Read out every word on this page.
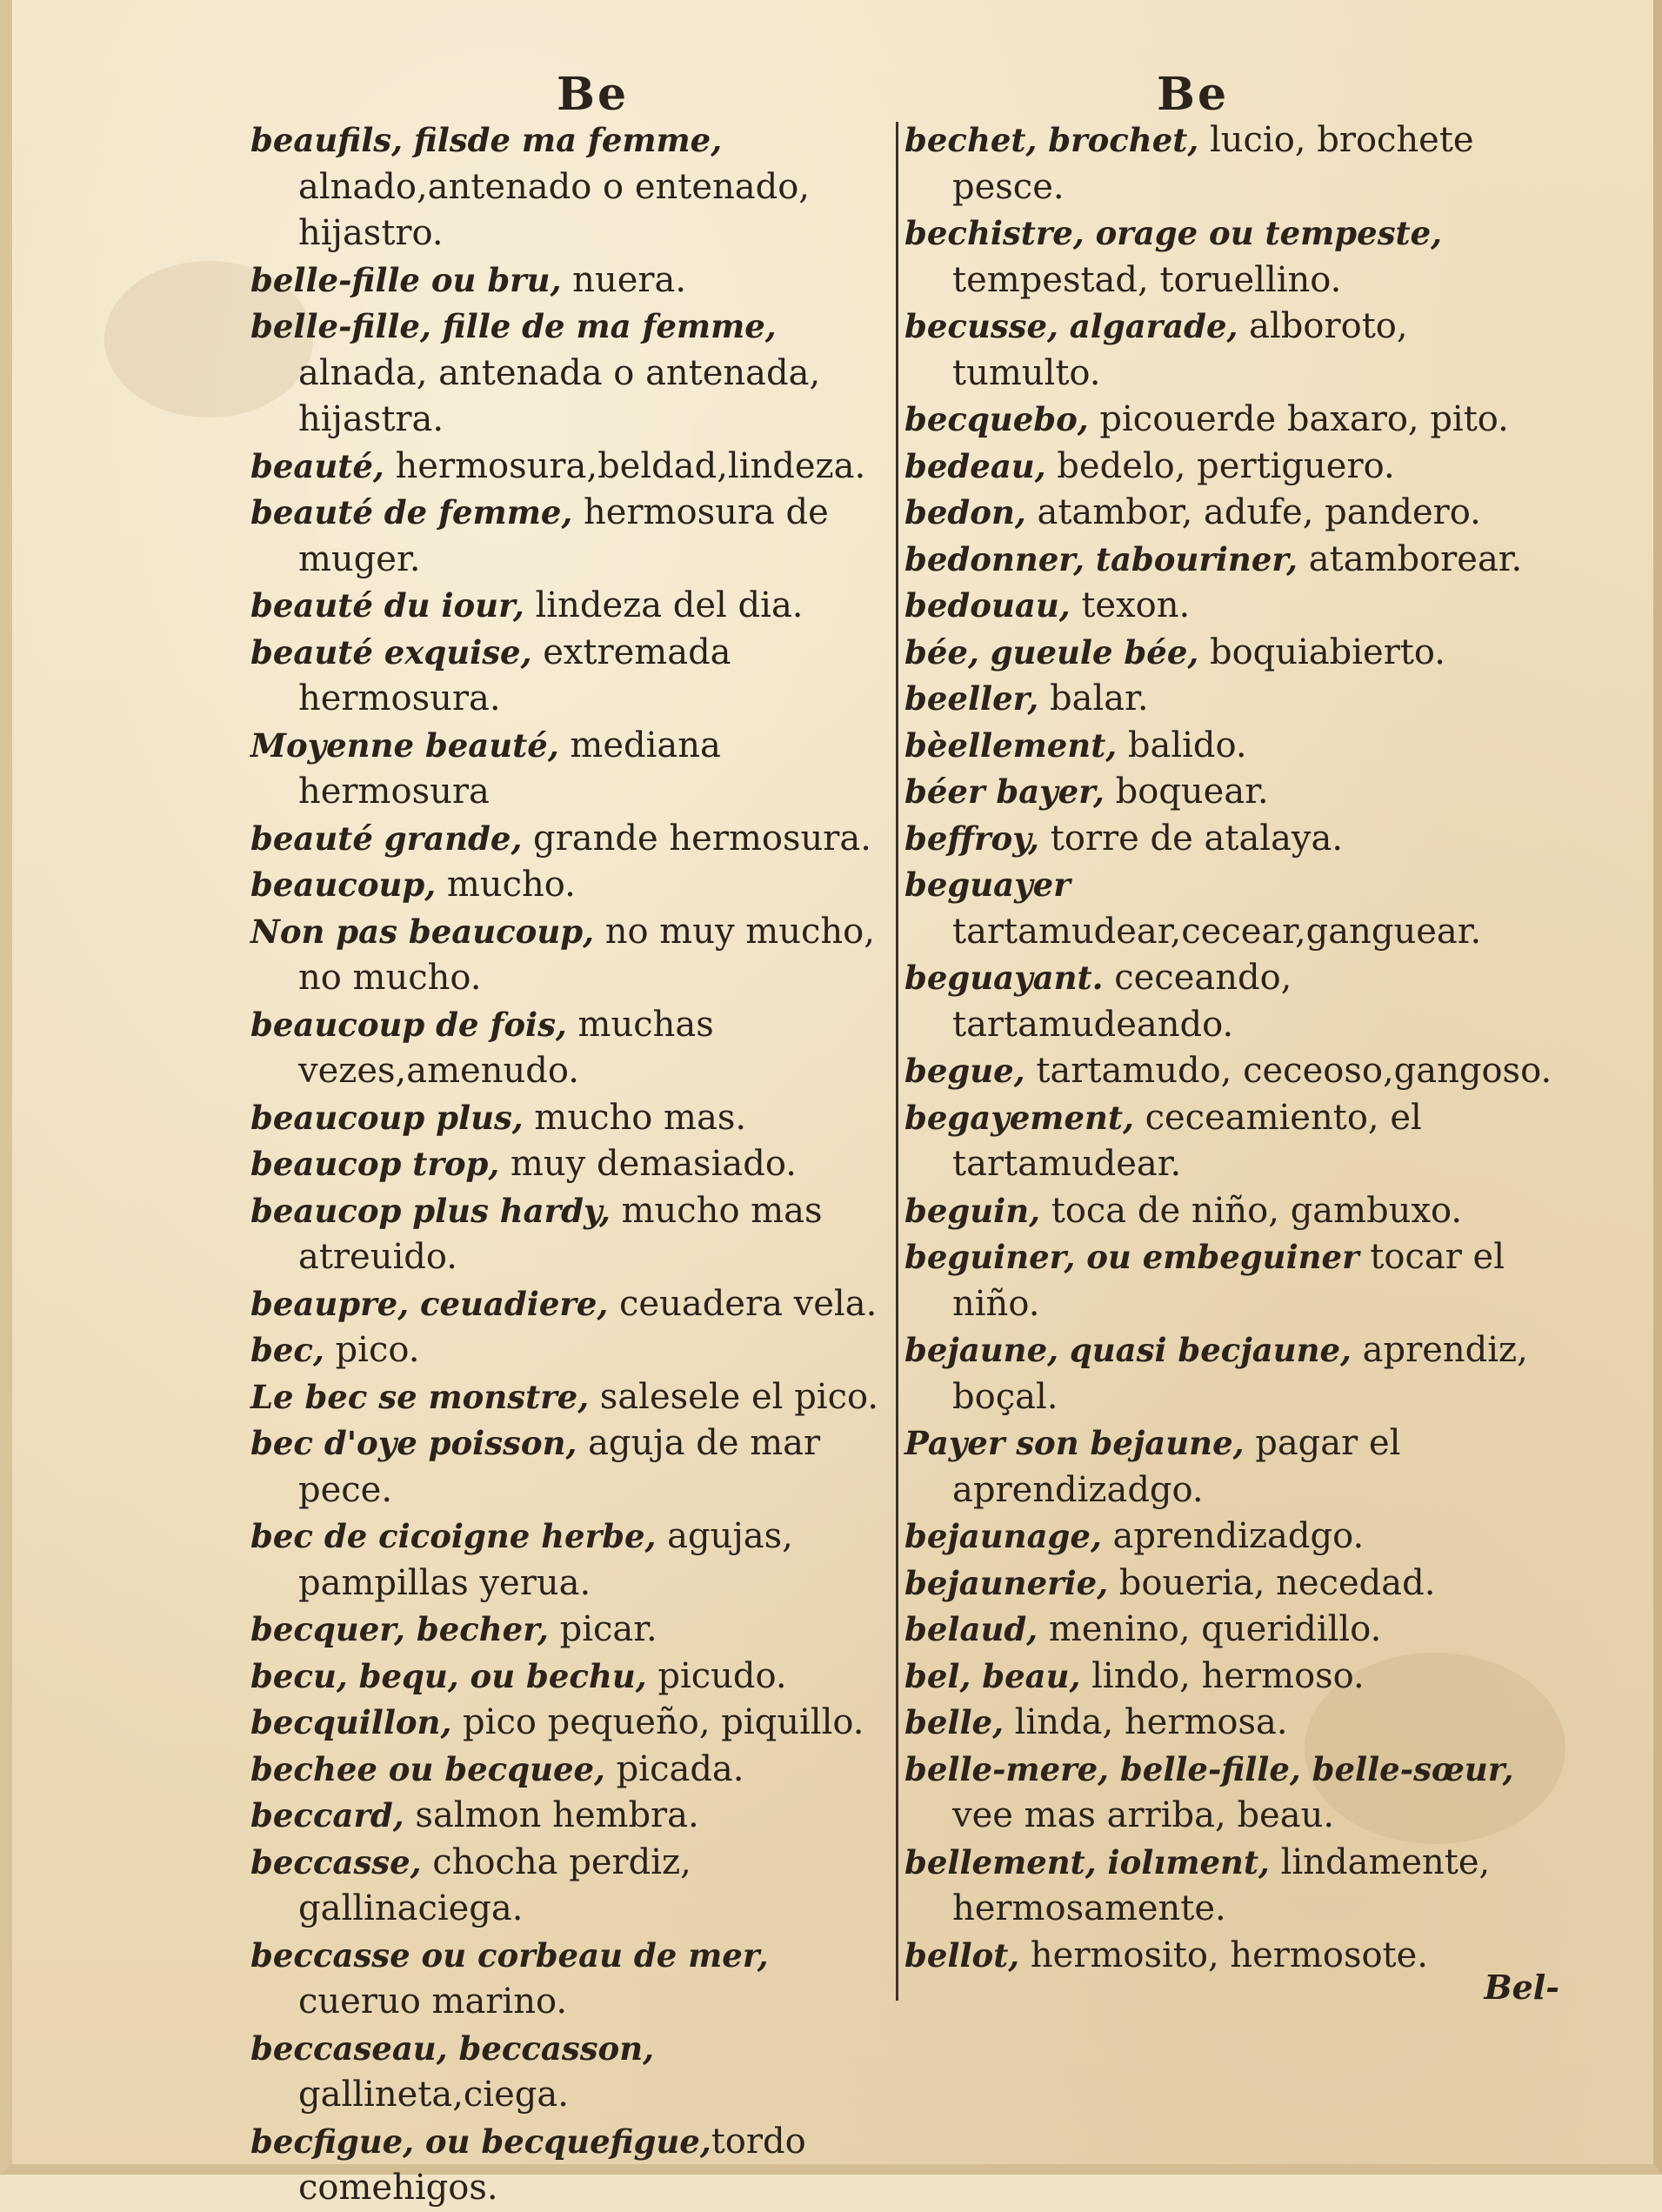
Be	Be

beaufils, filsde ma femme, alnado,antenado o entenado, hijastro.

belle-fille ou bru, nuera.

belle-fille, fille de ma femme, alnada, antenada o antenada, hijastra.

beauté, hermosura,beldad,lindeza.

beauté de femme, hermosura de muger.

beauté du iour, lindeza del dia.

beauté exquise, extremada hermosura.

Moyenne beauté, mediana hermosura

beauté grande, grande hermosura.

beaucoup, mucho.

Non pas beaucoup, no muy mucho, no mucho.

beaucoup de fois, muchas vezes,amenudo.

beaucoup plus, mucho mas.

beaucop trop, muy demasiado.

beaucop plus hardy, mucho mas atreuido.

beaupre, ceuadiere, ceuadera vela.

bec, pico.

Le bec se monstre, salesele el pico.

bec d'oye poisson, aguja de mar pece.

bec de cicoigne herbe, agujas, pampillas yerua.

becquer, becher, picar.

becu, bequ, ou bechu, picudo.

becquillon, pico pequeño, piquillo.

bechee ou becquee, picada.

beccard, salmon hembra.

beccasse, chocha perdiz, gallinaciega.

beccasse ou corbeau de mer, cueruo marino.

beccaseau, beccasson, gallineta,ciega.

becfigue, ou becquefigue,tordo comehigos.

bechet, brochet, lucio, brochete pesce.

bechistre, orage ou tempeste, tempestad, toruellino.

becusse, algarade, alboroto, tumulto.

becquebo, picouerde baxaro, pito.

bedeau, bedelo, pertiguero.

bedon, atambor, adufe, pandero.

bedonner, tabouriner, atamborear.

bedouau, texon.

bée, gueule bée, boquiabierto.

beeller, balar.

bèellement, balido.

béer bayer, boquear.

beffroy, torre de atalaya.

beguayer tartamudear,cecear,ganguear.

beguayant. ceceando, tartamudeando.

begue, tartamudo, ceceoso,gangoso.

begayement, ceceamiento, el tartamudear.

beguin, toca de niño, gambuxo.

beguiner, ou embeguiner tocar el niño.

bejaune, quasi becjaune, aprendiz, boçal.

Payer son bejaune, pagar el aprendizadgo.

bejaunage, aprendizadgo.

bejaunerie, boueria, necedad.

belaud, menino, queridillo.

bel, beau, lindo, hermoso.

belle, linda, hermosa.

belle-mere, belle-fille, belle-sœur, vee mas arriba, beau.

bellement, iolıment, lindamente, hermosamente.

bellot, hermosito, hermosote.

Bel-
